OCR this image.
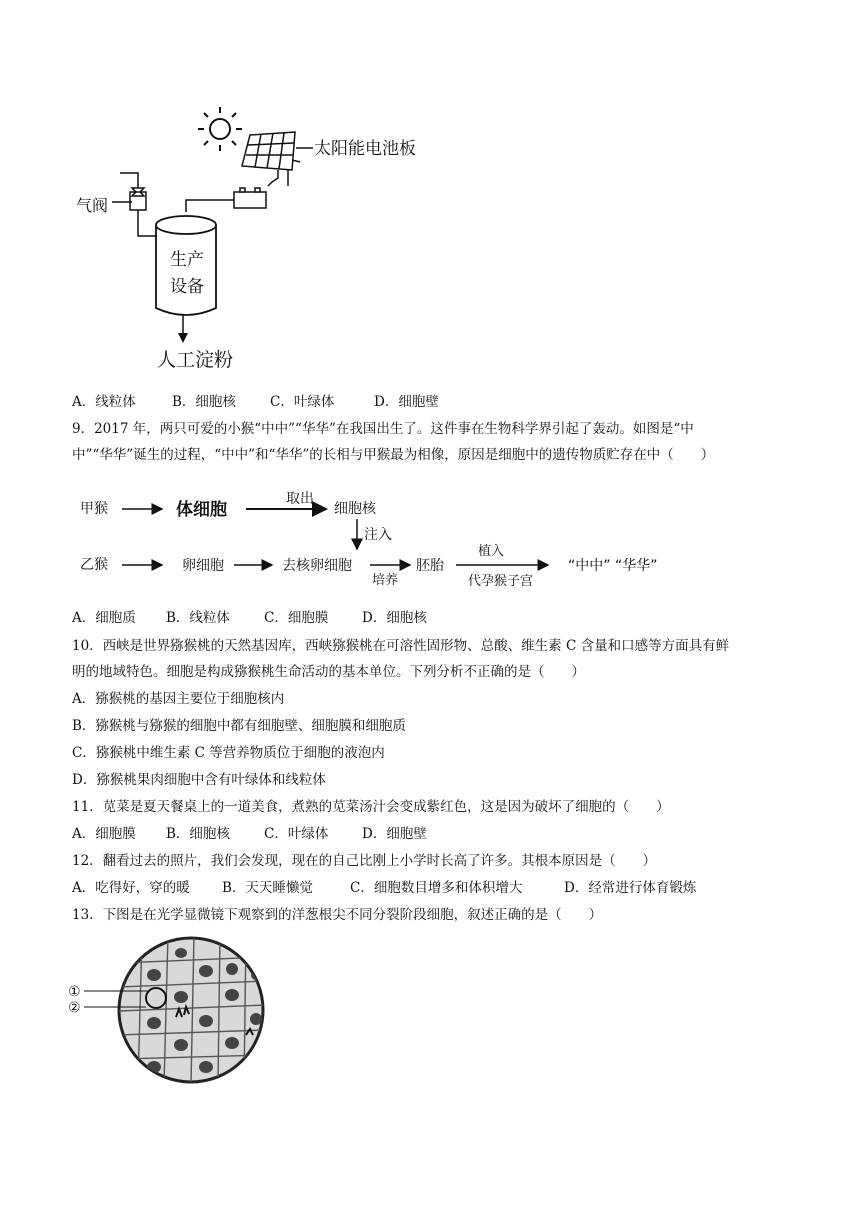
太阳能电池板
气阀
生产
设备
人工淀粉
A．线粒体	B．细胞核	C．叶绿体	D．细胞壁
9．2017 年，两只可爱的小猴“中中”“华华”在我国出生了。这件事在生物科学界引起了轰动。如图是“中
中”“华华”诞生的过程，“中中”和“华华”的长相与甲猴最为相像，原因是细胞中的遗传物质贮存在中（　　）
甲猴	体细胞
取出
细胞核
注入
乙猴	卵细胞	去核卵细胞
培养
胚胎
植入
代孕猴子宫
“中中” “华华”
A．细胞质 B．线粒体	C．细胞膜 D．细胞核
10．西峡是世界猕猴桃的天然基因库，西峡猕猴桃在可溶性固形物、总酸、维生素 C 含量和口感等方面具有鲜
明的地域特色。细胞是构成猕猴桃生命活动的基本单位。下列分析不正确的是（　　）
A．猕猴桃的基因主要位于细胞核内
B．猕猴桃与猕猴的细胞中都有细胞壁、细胞膜和细胞质
C．猕猴桃中维生素 C 等营养物质位于细胞的液泡内
D．猕猴桃果肉细胞中含有叶绿体和线粒体
11．苋菜是夏天餐桌上的一道美食，煮熟的苋菜汤汁会变成紫红色，这是因为破坏了细胞的（　　）
A．细胞膜 B．细胞核	C．叶绿体 D．细胞壁
12．翻看过去的照片，我们会发现，现在的自己比刚上小学时长高了许多。其根本原因是（　　）
A．吃得好，穿的暖 B．天天睡懒觉	C．细胞数目增多和体积增大	D．经常进行体育锻炼
13．下图是在光学显微镜下观察到的洋葱根尖不同分裂阶段细胞，叙述正确的是（　　）
①
②
